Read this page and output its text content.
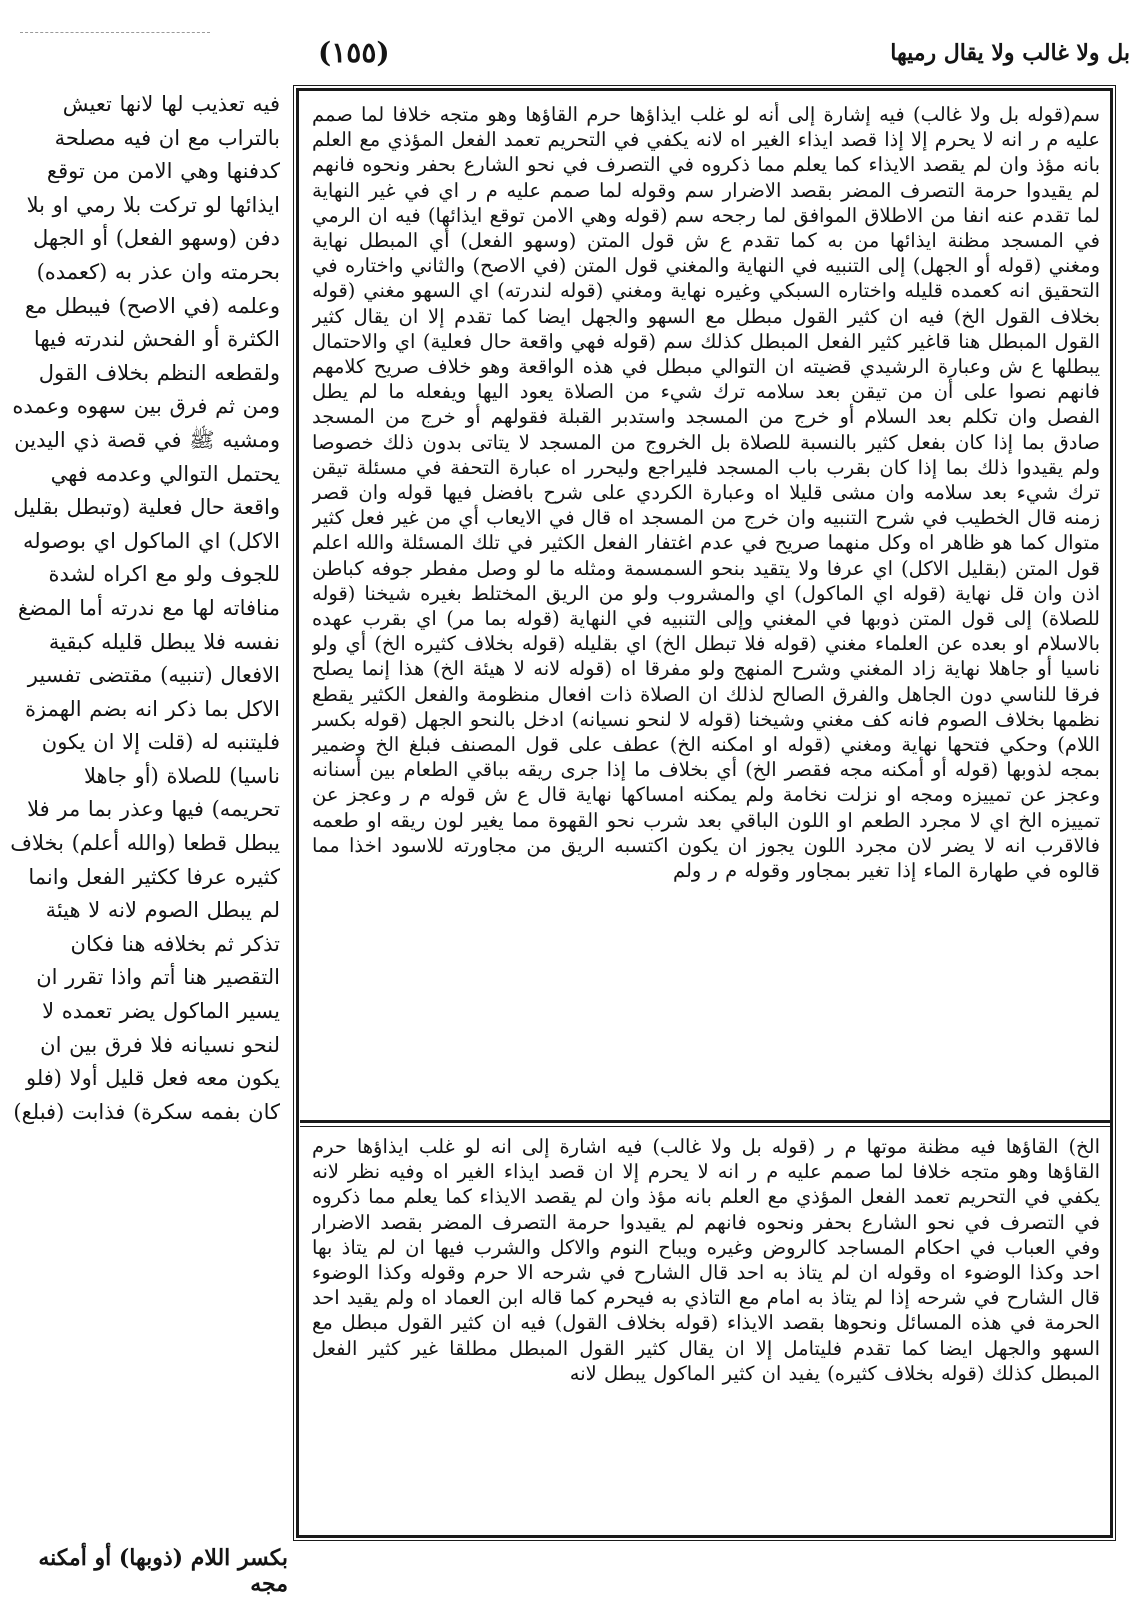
(١٥٥)	بل ولا غالب ولا يقال رميها
سم(قوله بل ولا غالب) فيه إشارة إلى أنه لو غلب ايذاؤها حرم القاؤها وهو متجه خلافا لما صمم عليه م ر انه لا يحرم إلا إذا قصد ايذاء الغير اه لانه يكفي في التحريم تعمد الفعل المؤذي مع العلم بانه مؤذ وان لم يقصد الايذاء كما يعلم مما ذكروه في التصرف في نحو الشارع بحفر ونحوه فانهم لم يقيدوا حرمة التصرف المضر بقصد الاضرار سم وقوله لما صمم عليه م ر اي في غير النهاية لما تقدم عنه انفا من الاطلاق الموافق لما رجحه سم (قوله وهي الامن توقع ايذائها) فيه ان الرمي في المسجد مظنة ايذائها من به كما تقدم ع ش قول المتن (وسهو الفعل) أي المبطل نهاية ومغني (قوله أو الجهل) إلى التنبيه في النهاية والمغني قول المتن (في الاصح) والثاني واختاره في التحقيق انه كعمده قليله واختاره السبكي وغيره نهاية ومغني (قوله لندرته) اي السهو مغني (قوله بخلاف القول الخ) فيه ان كثير القول مبطل مع السهو والجهل ايضا كما تقدم إلا ان يقال كثير القول المبطل هنا قاغير كثير الفعل المبطل كذلك سم (قوله فهي واقعة حال فعلية) اي والاحتمال يبطلها ع ش وعبارة الرشيدي قضيته ان التوالي مبطل في هذه الواقعة وهو خلاف صريح كلامهم فانهم نصوا على أن من تيقن بعد سلامه ترك شيء من الصلاة يعود اليها ويفعله ما لم يطل الفصل وان تكلم بعد السلام أو خرج من المسجد واستدبر القبلة فقولهم أو خرج من المسجد صادق بما إذا كان بفعل كثير بالنسبة للصلاة بل الخروج من المسجد لا يتاتى بدون ذلك خصوصا ولم يقيدوا ذلك بما إذا كان بقرب باب المسجد فليراجع وليحرر اه عبارة التحفة في مسئلة تيقن ترك شيء بعد سلامه وان مشى قليلا اه وعبارة الكردي على شرح بافضل فيها قوله وان قصر زمنه قال الخطيب في شرح التنبيه وان خرج من المسجد اه قال في الايعاب أي من غير فعل كثير متوال كما هو ظاهر اه وكل منهما صريح في عدم اغتفار الفعل الكثير في تلك المسئلة والله اعلم قول المتن (بقليل الاكل) اي عرفا ولا يتقيد بنحو السمسمة ومثله ما لو وصل مفطر جوفه كباطن اذن وان قل نهاية (قوله اي الماكول) اي والمشروب ولو من الريق المختلط بغيره شيخنا (قوله للصلاة) إلى قول المتن ذوبها في المغني وإلى التنبيه في النهاية (قوله بما مر) اي بقرب عهده بالاسلام او بعده عن العلماء مغني (قوله فلا تبطل الخ) اي بقليله (قوله بخلاف كثيره الخ) أي ولو ناسيا أو جاهلا نهاية زاد المغني وشرح المنهج ولو مفرقا اه (قوله لانه لا هيئة الخ) هذا إنما يصلح فرقا للناسي دون الجاهل والفرق الصالح لذلك ان الصلاة ذات افعال منظومة والفعل الكثير يقطع نظمها بخلاف الصوم فانه كف مغني وشيخنا (قوله لا لنحو نسيانه) ادخل بالنحو الجهل (قوله بكسر اللام) وحكي فتحها نهاية ومغني (قوله او امكنه الخ) عطف على قول المصنف فبلغ الخ وضمير بمجه لذوبها (قوله أو أمكنه مجه فقصر الخ) أي بخلاف ما إذا جرى ريقه بباقي الطعام بين أسنانه وعجز عن تمييزه ومجه او نزلت نخامة ولم يمكنه امساكها نهاية قال ع ش قوله م ر وعجز عن تمييزه الخ اي لا مجرد الطعم او اللون الباقي بعد شرب نحو القهوة مما يغير لون ريقه او طعمه فالاقرب انه لا يضر لان مجرد اللون يجوز ان يكون اكتسبه الريق من مجاورته للاسود اخذا مما قالوه في طهارة الماء إذا تغير بمجاور وقوله م ر ولم
الخ) القاؤها فيه مظنة موتها م ر (قوله بل ولا غالب) فيه اشارة إلى انه لو غلب ايذاؤها حرم القاؤها وهو متجه خلافا لما صمم عليه م ر انه لا يحرم إلا ان قصد ايذاء الغير اه وفيه نظر لانه يكفي في التحريم تعمد الفعل المؤذي مع العلم بانه مؤذ وان لم يقصد الايذاء كما يعلم مما ذكروه في التصرف في نحو الشارع بحفر ونحوه فانهم لم يقيدوا حرمة التصرف المضر بقصد الاضرار وفي العباب في احكام المساجد كالروض وغيره ويباح النوم والاكل والشرب فيها ان لم يتاذ بها احد وكذا الوضوء اه وقوله ان لم يتاذ به احد قال الشارح في شرحه الا حرم وقوله وكذا الوضوء قال الشارح في شرحه إذا لم يتاذ به امام مع التاذي به فيحرم كما قاله ابن العماد اه ولم يقيد احد الحرمة في هذه المسائل ونحوها بقصد الايذاء (قوله بخلاف القول) فيه ان كثير القول مبطل مع السهو والجهل ايضا كما تقدم فليتامل إلا ان يقال كثير القول المبطل مطلقا غير كثير الفعل المبطل كذلك (قوله بخلاف كثيره) يفيد ان كثير الماكول يبطل لانه
فيه تعذيب لها لانها تعيش بالتراب مع ان فيه مصلحة كدفنها وهي الامن من توقع ايذائها لو تركت بلا رمي او بلا دفن (وسهو الفعل) أو الجهل بحرمته وان عذر به (كعمده) وعلمه (في الاصح) فيبطل مع الكثرة أو الفحش لندرته فيها ولقطعه النظم بخلاف القول ومن ثم فرق بين سهوه وعمده ومشيه ﷺ في قصة ذي اليدين يحتمل التوالي وعدمه فهي واقعة حال فعلية (وتبطل بقليل الاكل) اي الماكول اي بوصوله للجوف ولو مع اكراه لشدة منافاته لها مع ندرته أما المضغ نفسه فلا يبطل قليله كبقية الافعال (تنبيه) مقتضى تفسير الاكل بما ذكر انه بضم الهمزة فليتنبه له (قلت إلا ان يكون ناسيا) للصلاة (أو جاهلا تحريمه) فيها وعذر بما مر فلا يبطل قطعا (والله أعلم) بخلاف كثيره عرفا ككثير الفعل وانما لم يبطل الصوم لانه لا هيئة تذكر ثم بخلافه هنا فكان التقصير هنا أتم واذا تقرر ان يسير الماكول يضر تعمده لا لنحو نسيانه فلا فرق بين ان يكون معه فعل قليل أولا (فلو كان بفمه سكرة) فذابت (فبلع)
بكسر اللام (ذوبها) أو أمكنه مجه
